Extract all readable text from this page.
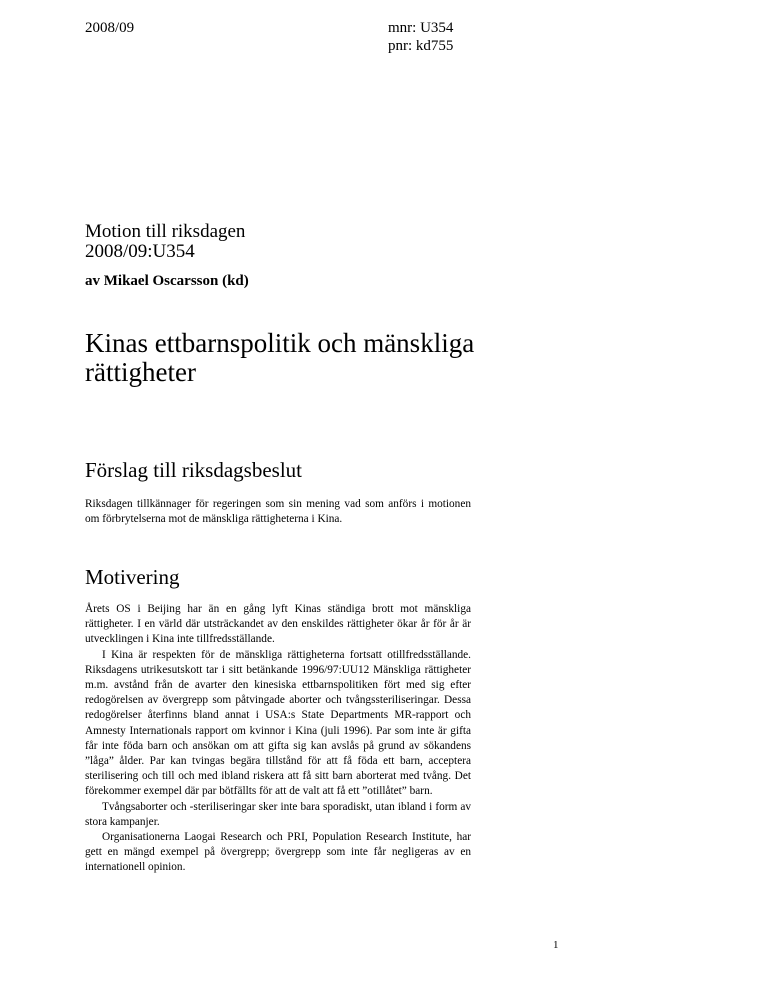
2008/09	mnr: U354
pnr: kd755
Motion till riksdagen
2008/09:U354
av Mikael Oscarsson (kd)
Kinas ettbarnspolitik och mänskliga rättigheter
Förslag till riksdagsbeslut

Riksdagen tillkännager för regeringen som sin mening vad som anförs i motionen om förbrytelserna mot de mänskliga rättigheterna i Kina.

Motivering

Årets OS i Beijing har än en gång lyft Kinas ständiga brott mot mänskliga rättigheter. I en värld där utsträckandet av den enskildes rättigheter ökar år för år är utvecklingen i Kina inte tillfredsställande.

I Kina är respekten för de mänskliga rättigheterna fortsatt otillfredsställande. Riksdagens utrikesutskott tar i sitt betänkande 1996/97:UU12 Mänskliga rättigheter m.m. avstånd från de avarter den kinesiska ettbarnspolitiken fört med sig efter redogörelsen av övergrepp som påtvingade aborter och tvångssteriliseringar. Dessa redogörelser återfinns bland annat i USA:s State Departments MR-rapport och Amnesty Internationals rapport om kvinnor i Kina (juli 1996). Par som inte är gifta får inte föda barn och ansökan om att gifta sig kan avslås på grund av sökandens ”låga” ålder. Par kan tvingas begära tillstånd för att få föda ett barn, acceptera sterilisering och till och med ibland riskera att få sitt barn aborterat med tvång. Det förekommer exempel där par bötfällts för att de valt att få ett ”otillåtet” barn.

Tvångsaborter och -steriliseringar sker inte bara sporadiskt, utan ibland i form av stora kampanjer.

Organisationerna Laogai Research och PRI, Population Research Institute, har gett en mängd exempel på övergrepp; övergrepp som inte får negligeras av en internationell opinion.

1
